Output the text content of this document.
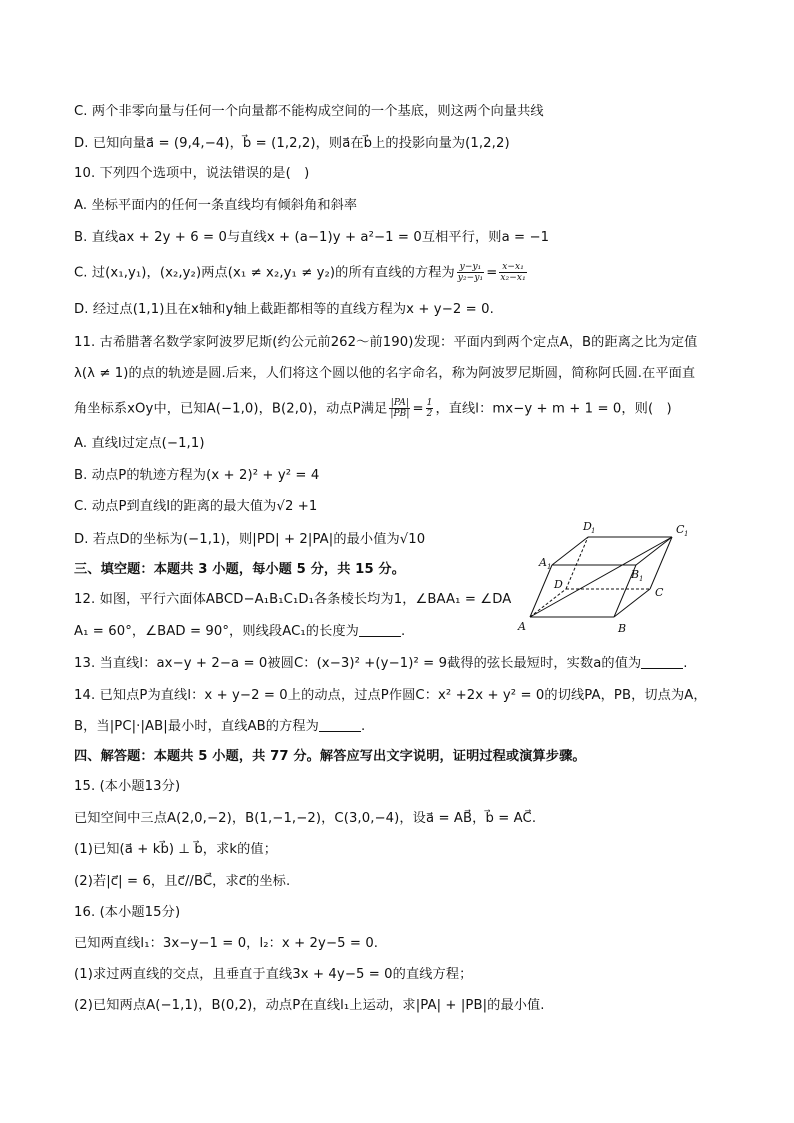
C. 两个非零向量与任何一个向量都不能构成空间的一个基底，则这两个向量共线
D. 已知向量a⃗ = (9,4,−4)，b⃗ = (1,2,2)，则a⃗在b⃗上的投影向量为(1,2,2)
10. 下列四个选项中，说法错误的是(　)
A. 坐标平面内的任何一条直线均有倾斜角和斜率
B. 直线ax + 2y + 6 = 0与直线x + (a−1)y + a²−1 = 0互相平行，则a = −1
C. 过(x₁,y₁)，(x₂,y₂)两点(x₁ ≠ x₂,y₁ ≠ y₂)的所有直线的方程为 $\frac{\text{y−y₁}}{\text{y₂−y₁}} = \frac{\text{x−x₁}}{\text{x₂−x₁}}$
D. 经过点(1,1)且在x轴和y轴上截距都相等的直线方程为x + y−2 = 0.
11. 古希腊著名数学家阿波罗尼斯(约公元前262～前190)发现：平面内到两个定点A，B的距离之比为定值
λ(λ ≠ 1)的点的轨迹是圆.后来，人们将这个圆以他的名字命名，称为阿波罗尼斯圆，简称阿氏圆.在平面直
角坐标系xOy中，已知A(−1,0)，B(2,0)，动点P满足 $\frac{|PA|}{|PB|} = \frac{1}{2}$ ，直线l：mx−y + m + 1 = 0，则(　)
A. 直线l过定点(−1,1)
B. 动点P的轨迹方程为(x + 2)² + y² = 4
C. 动点P到直线l的距离的最大值为√2 +1
D. 若点D的坐标为(−1,1)，则|PD| + 2|PA|的最小值为√10
三、填空题：本题共 3 小题，每小题 5 分，共 15 分。
12. 如图，平行六面体ABCD−A₁B₁C₁D₁各条棱长均为1，∠BAA₁ = ∠DA
A₁ = 60°，∠BAD = 90°，则线段AC₁的长度为	.
13. 当直线l：ax−y + 2−a = 0被圆C：(x−3)² +(y−1)² = 9截得的弦长最短时，实数a的值为	.
14. 已知点P为直线l：x + y−2 = 0上的动点，过点P作圆C：x² +2x + y² = 0的切线PA，PB，切点为A，
B，当|PC|·|AB|最小时，直线AB的方程为	.
四、解答题：本题共 5 小题，共 77 分。解答应写出文字说明，证明过程或演算步骤。
15. (本小题13分)
已知空间中三点A(2,0,−2)，B(1,−1,−2)，C(3,0,−4)，设a⃗ = AB⃗，b⃗ = AC⃗.
(1)已知(a⃗ + kb⃗) ⊥ b⃗，求k的值；
(2)若|c⃗| = 6，且c⃗//BC⃗，求c⃗的坐标.
16. (本小题15分)
已知两直线l₁：3x−y−1 = 0，l₂：x + 2y−5 = 0.
(1)求过两直线的交点，且垂直于直线3x + 4y−5 = 0的直线方程；
(2)已知两点A(−1,1)，B(0,2)，动点P在直线l₁上运动，求|PA| + |PB|的最小值.
A	B
C
D
A 1
B 1
C 1
D 1
